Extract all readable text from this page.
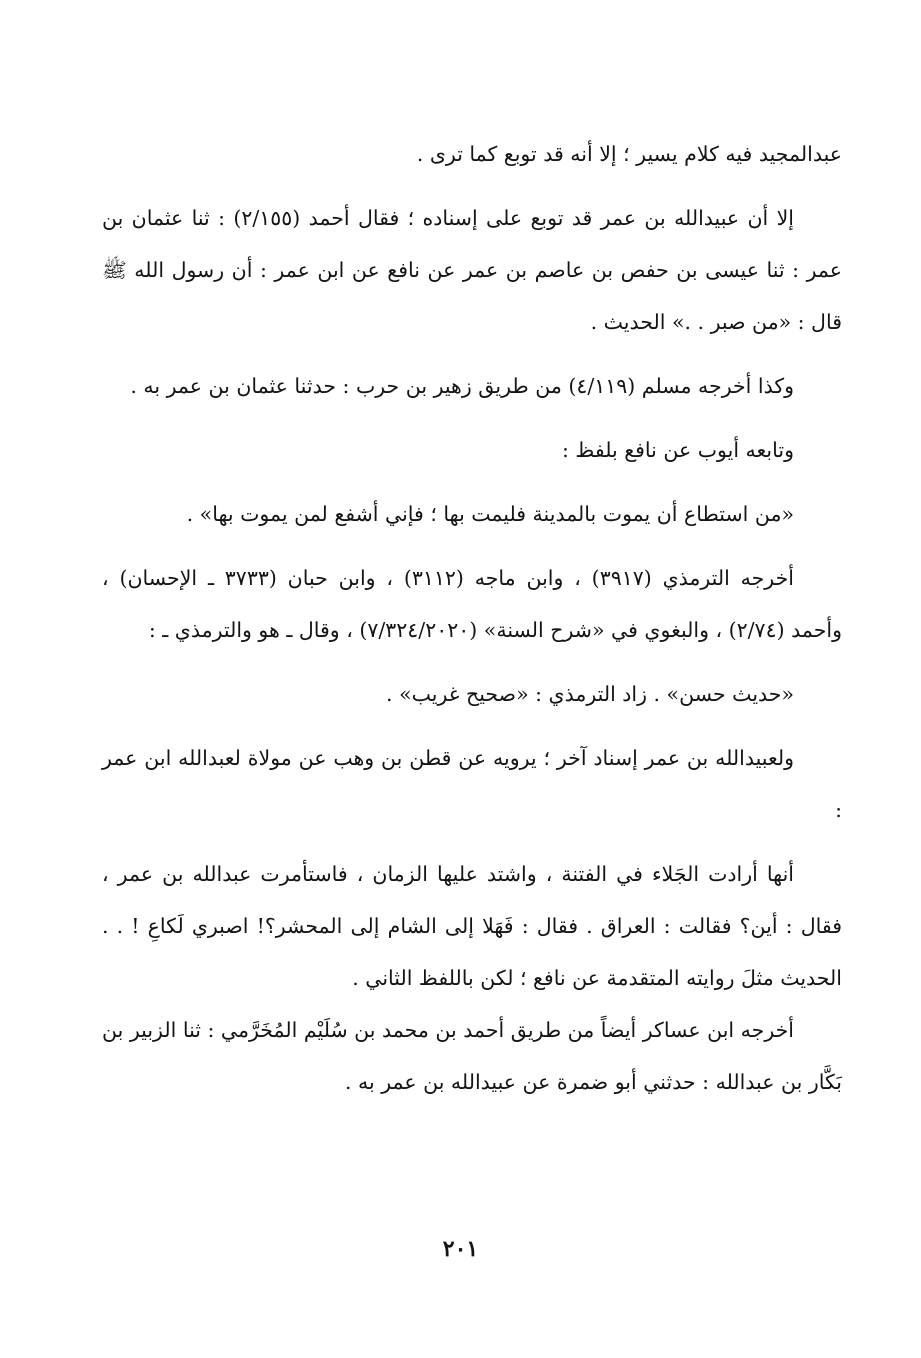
عبدالمجيد فيه كلام يسير ؛ إلا أنه قد توبع كما ترى .

إلا أن عبيدالله بن عمر قد توبع على إسناده ؛ فقال أحمد (٢/١٥٥) : ثنا عثمان بن عمر : ثنا عيسى بن حفص بن عاصم بن عمر عن نافع عن ابن عمر : أن رسول الله ﷺ قال : «من صبر . .» الحديث .

وكذا أخرجه مسلم (٤/١١٩) من طريق زهير بن حرب : حدثنا عثمان بن عمر به .

وتابعه أيوب عن نافع بلفظ :

«من استطاع أن يموت بالمدينة فليمت بها ؛ فإني أشفع لمن يموت بها» .

أخرجه الترمذي (٣٩١٧) ، وابن ماجه (٣١١٢) ، وابن حبان (٣٧٣٣ ـ الإحسان) ، وأحمد (٢/٧٤) ، والبغوي في «شرح السنة» (٧/٣٢٤/٢٠٢٠) ، وقال ـ هو والترمذي ـ :

«حديث حسن» . زاد الترمذي : «صحيح غريب» .

ولعبيدالله بن عمر إسناد آخر ؛ يرويه عن قطن بن وهب عن مولاة لعبدالله ابن عمر :

أنها أرادت الجَلاء في الفتنة ، واشتد عليها الزمان ، فاستأمرت عبدالله بن عمر ، فقال : أين؟ فقالت : العراق . فقال : فَهَلا إلى الشام إلى المحشر؟! اصبري لَكاعِ ! . . الحديث مثلَ روايته المتقدمة عن نافع ؛ لكن باللفظ الثاني .

أخرجه ابن عساكر أيضاً من طريق أحمد بن محمد بن سُلَيْم المُخَرَّمي : ثنا الزبير بن بَكَّار بن عبدالله : حدثني أبو ضمرة عن عبيدالله بن عمر به .

٢٠١
